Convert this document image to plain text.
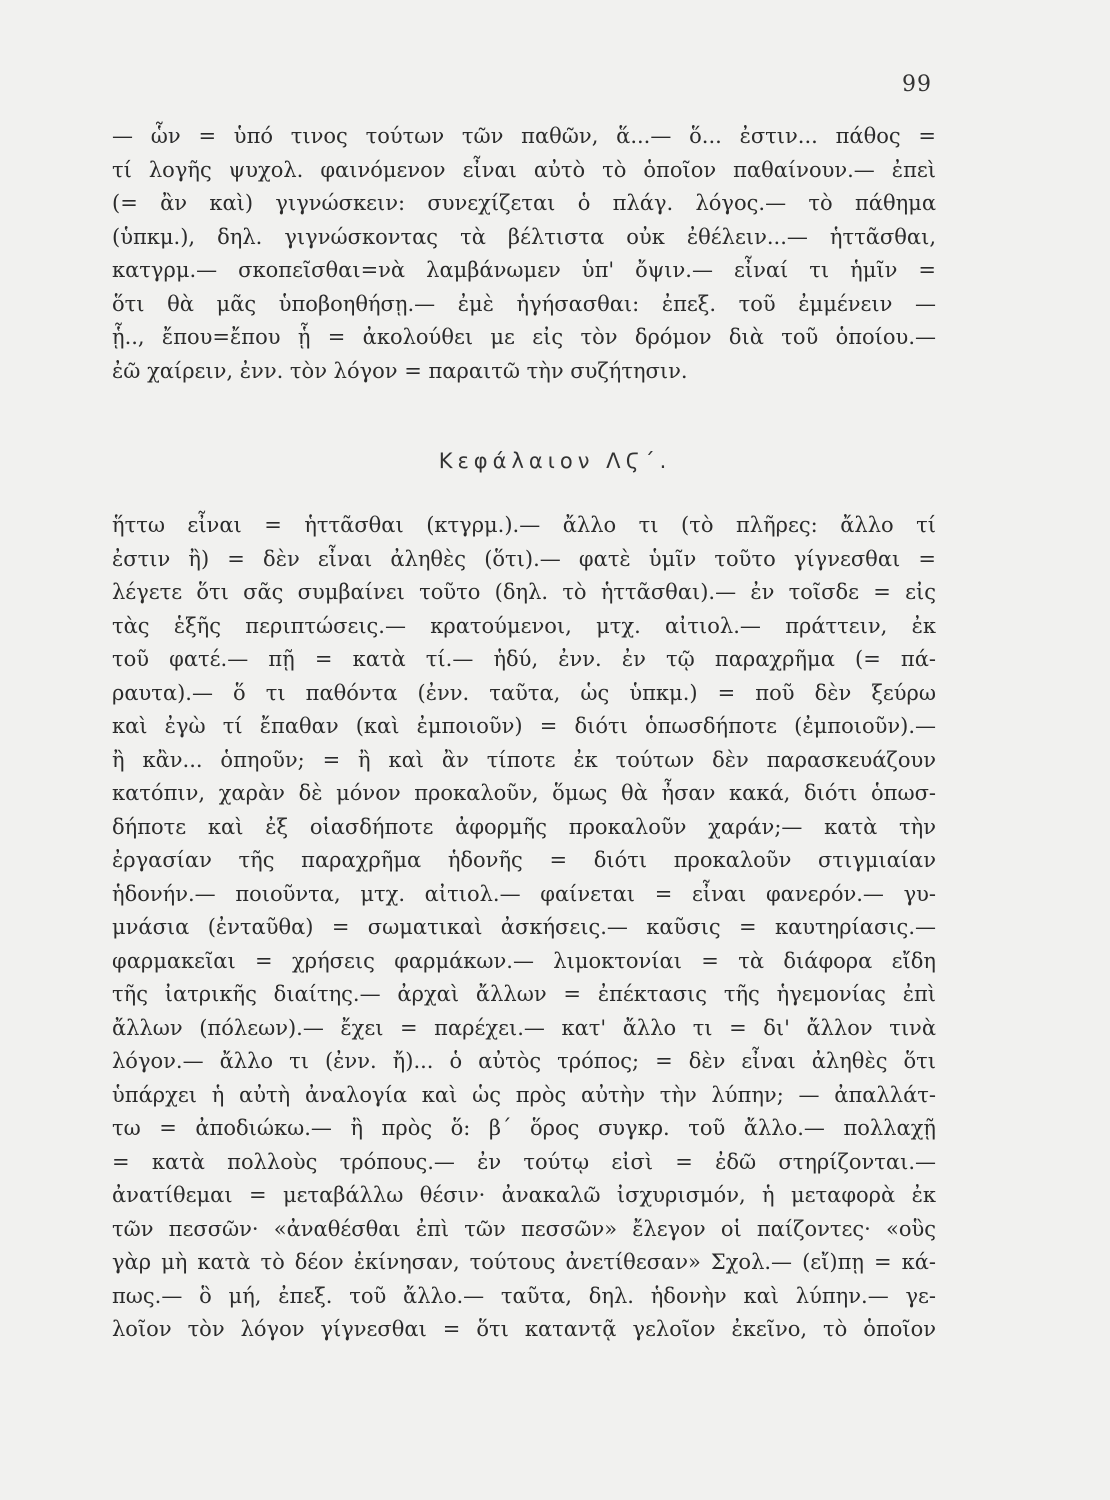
99
— ὧν = ὑπό τινος τούτων τῶν παθῶν, ἅ...— ὅ... ἐστιν... πάθος =
τί λογῆς ψυχολ. φαινόμενον εἶναι αὐτὸ τὸ ὁποῖον παθαίνουν.— ἐπεὶ
(= ἂν καὶ) γιγνώσκειν: συνεχίζεται ὁ πλάγ. λόγος.— τὸ πάθημα
(ὑπκμ.), δηλ. γιγνώσκοντας τὰ βέλτιστα οὐκ ἐθέλειν...— ἡττᾶσθαι,
κατγρμ.— σκοπεῖσθαι=νὰ λαμβάνωμεν ὑπ' ὄψιν.— εἶναί τι ἡμῖν =
ὅτι θὰ μᾶς ὑποβοηθήσῃ.— ἐμὲ ἡγήσασθαι: ἐπεξ. τοῦ ἐμμένειν —
ᾗ.., ἔπου=ἔπου ᾗ = ἀκολούθει με εἰς τὸν δρόμον διὰ τοῦ ὁποίου.—
ἐῶ χαίρειν, ἐνν. τὸν λόγον = παραιτῶ τὴν συζήτησιν.
Κεφάλαιον ΛϚ΄.
ἥττω εἶναι = ἡττᾶσθαι (κτγρμ.).— ἄλλο τι (τὸ πλῆρες: ἄλλο τί
ἐστιν ἢ) = δὲν εἶναι ἀληθὲς (ὅτι).— φατὲ ὑμῖν τοῦτο γίγνεσθαι =
λέγετε ὅτι σᾶς συμβαίνει τοῦτο (δηλ. τὸ ἡττᾶσθαι).— ἐν τοῖσδε = εἰς
τὰς ἑξῆς περιπτώσεις.— κρατούμενοι, μτχ. αἰτιολ.— πράττειν, ἐκ
τοῦ φατέ.— πῇ = κατὰ τί.— ἡδύ, ἐνν. ἐν τῷ παραχρῆμα (= πά-
ραυτα).— ὅ τι παθόντα (ἐνν. ταῦτα, ὡς ὑπκμ.) = ποῦ δὲν ξεύρω
καὶ ἐγὼ τί ἔπαθαν (καὶ ἐμποιοῦν) = διότι ὁπωσδήποτε (ἐμποιοῦν).—
ἢ κἂν... ὁπηοῦν; = ἢ καὶ ἂν τίποτε ἐκ τούτων δὲν παρασκευάζουν
κατόπιν, χαρὰν δὲ μόνον προκαλοῦν, ὅμως θὰ ἦσαν κακά, διότι ὁπωσ-
δήποτε καὶ ἐξ οἱασδήποτε ἀφορμῆς προκαλοῦν χαράν;— κατὰ τὴν
ἐργασίαν τῆς παραχρῆμα ἡδονῆς = διότι προκαλοῦν στιγμιαίαν
ἡδονήν.— ποιοῦντα, μτχ. αἰτιολ.— φαίνεται = εἶναι φανερόν.— γυ-
μνάσια (ἐνταῦθα) = σωματικαὶ ἀσκήσεις.— καῦσις = καυτηρίασις.—
φαρμακεῖαι = χρήσεις φαρμάκων.— λιμοκτονίαι = τὰ διάφορα εἴδη
τῆς ἰατρικῆς διαίτης.— ἀρχαὶ ἄλλων = ἐπέκτασις τῆς ἡγεμονίας ἐπὶ
ἄλλων (πόλεων).— ἔχει = παρέχει.— κατ' ἄλλο τι = δι' ἄλλον τινὰ
λόγον.— ἄλλο τι (ἐνν. ἤ)... ὁ αὐτὸς τρόπος; = δὲν εἶναι ἀληθὲς ὅτι
ὑπάρχει ἡ αὐτὴ ἀναλογία καὶ ὡς πρὸς αὐτὴν τὴν λύπην; — ἀπαλλάτ-
τω = ἀποδιώκω.— ἢ πρὸς ὅ: β΄ ὅρος συγκρ. τοῦ ἄλλο.— πολλαχῇ
= κατὰ πολλοὺς τρόπους.— ἐν τούτῳ εἰσὶ = ἐδῶ στηρίζονται.—
ἀνατίθεμαι = μεταβάλλω θέσιν· ἀνακαλῶ ἰσχυρισμόν, ἡ μεταφορὰ ἐκ
τῶν πεσσῶν· «ἀναθέσθαι ἐπὶ τῶν πεσσῶν» ἔλεγον οἱ παίζοντες· «οὓς
γὰρ μὴ κατὰ τὸ δέον ἐκίνησαν, τούτους ἀνετίθεσαν» Σχολ.— (εἴ)πῃ = κά-
πως.— ὃ μή, ἐπεξ. τοῦ ἄλλο.— ταῦτα, δηλ. ἡδονὴν καὶ λύπην.— γε-
λοῖον τὸν λόγον γίγνεσθαι = ὅτι καταντᾷ γελοῖον ἐκεῖνο, τὸ ὁποῖον
